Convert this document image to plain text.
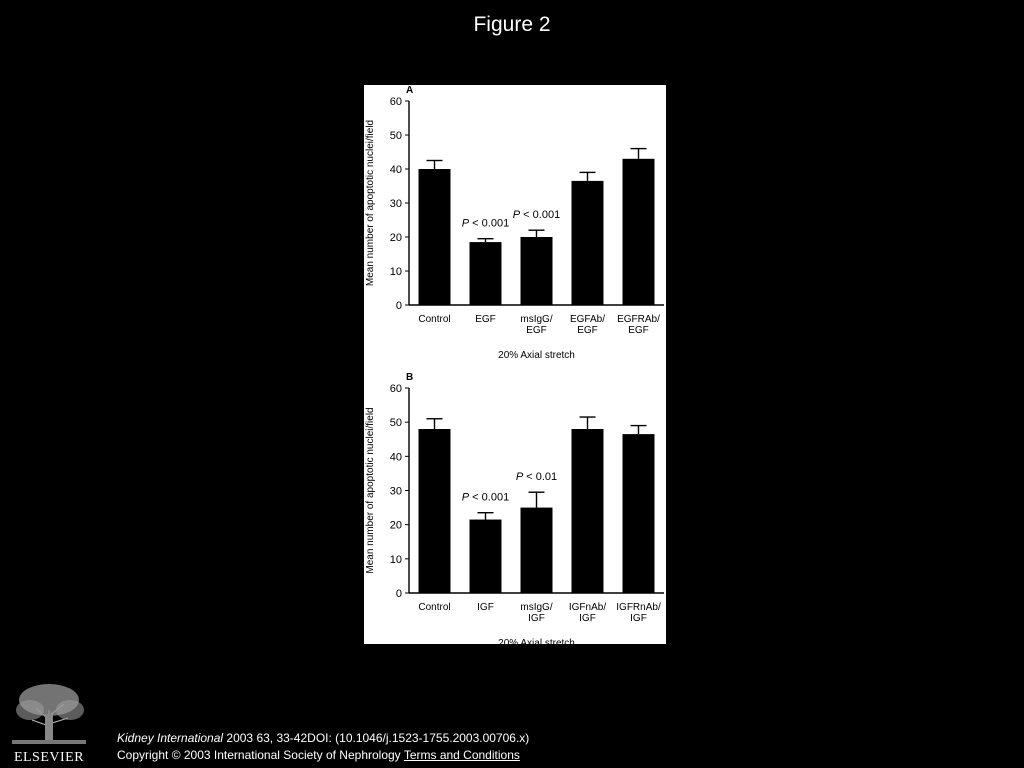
Figure 2
A
0
10
20
30
40
50
60
Mean number of apoptotic nuclei/field
Control EGF msIgG/ EGF
EGFAb/ EGF
EGFRAb/ EGF
P < 0.001
P < 0.001
20% Axial stretch
B
0
10
20
30
40
50
60
Mean number of apoptotic nuclei/field
Control	IGF	msIgG/ IGF
IGFnAb/ IGF
IGFRnAb/ IGF
P < 0.001
P < 0.01
20% Axial stretch
ELSEVIER
Kidney International 2003 63, 33-42DOI: (10.1046/j.1523-1755.2003.00706.x)
Copyright © 2003 International Society of Nephrology Terms and Conditions
